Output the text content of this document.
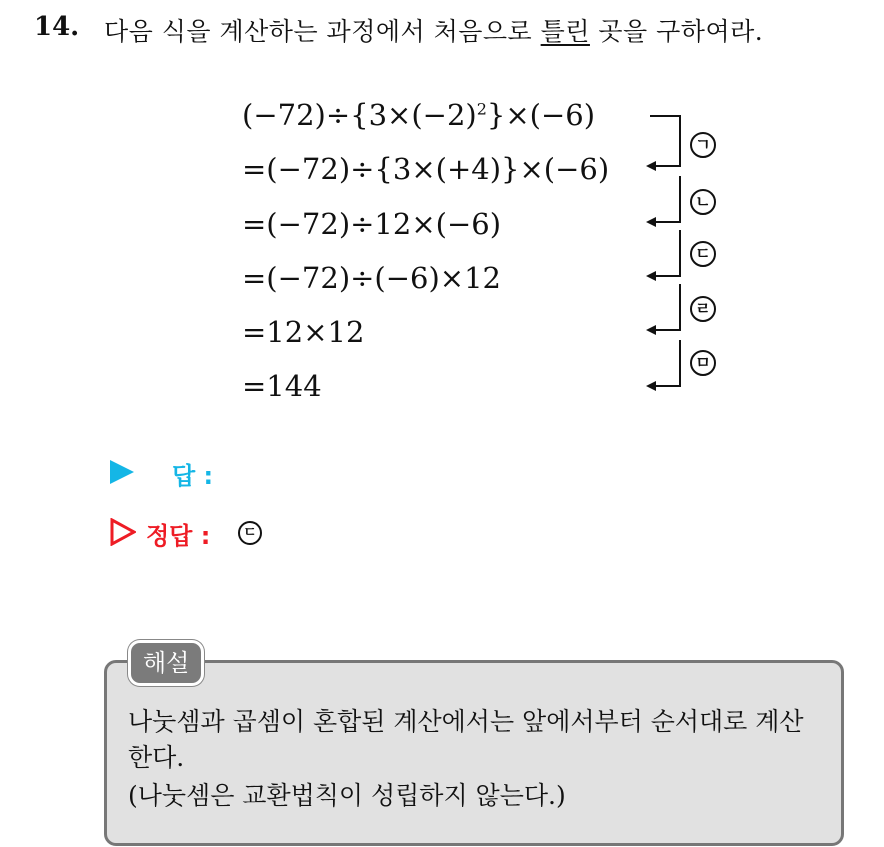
14. 다음 식을 계산하는 과정에서 처음으로 틀린 곳을 구하여라.
$(-72)\div\{3\times(-2)^2\}\times(-6)$
=(−72)÷{3×(+4)}×(−6)
=(−72)÷12×(−6)
=(−72)÷(−6)×12
=12×12
=144
ㄱ
ㄴ
ㄷ
ㄹ
ㅁ
답 :
정답 :	ㄷ
해설
나눗셈과 곱셈이 혼합된 계산에서는 앞에서부터 순서대로 계산
한다.
(나눗셈은 교환법칙이 성립하지 않는다.)
